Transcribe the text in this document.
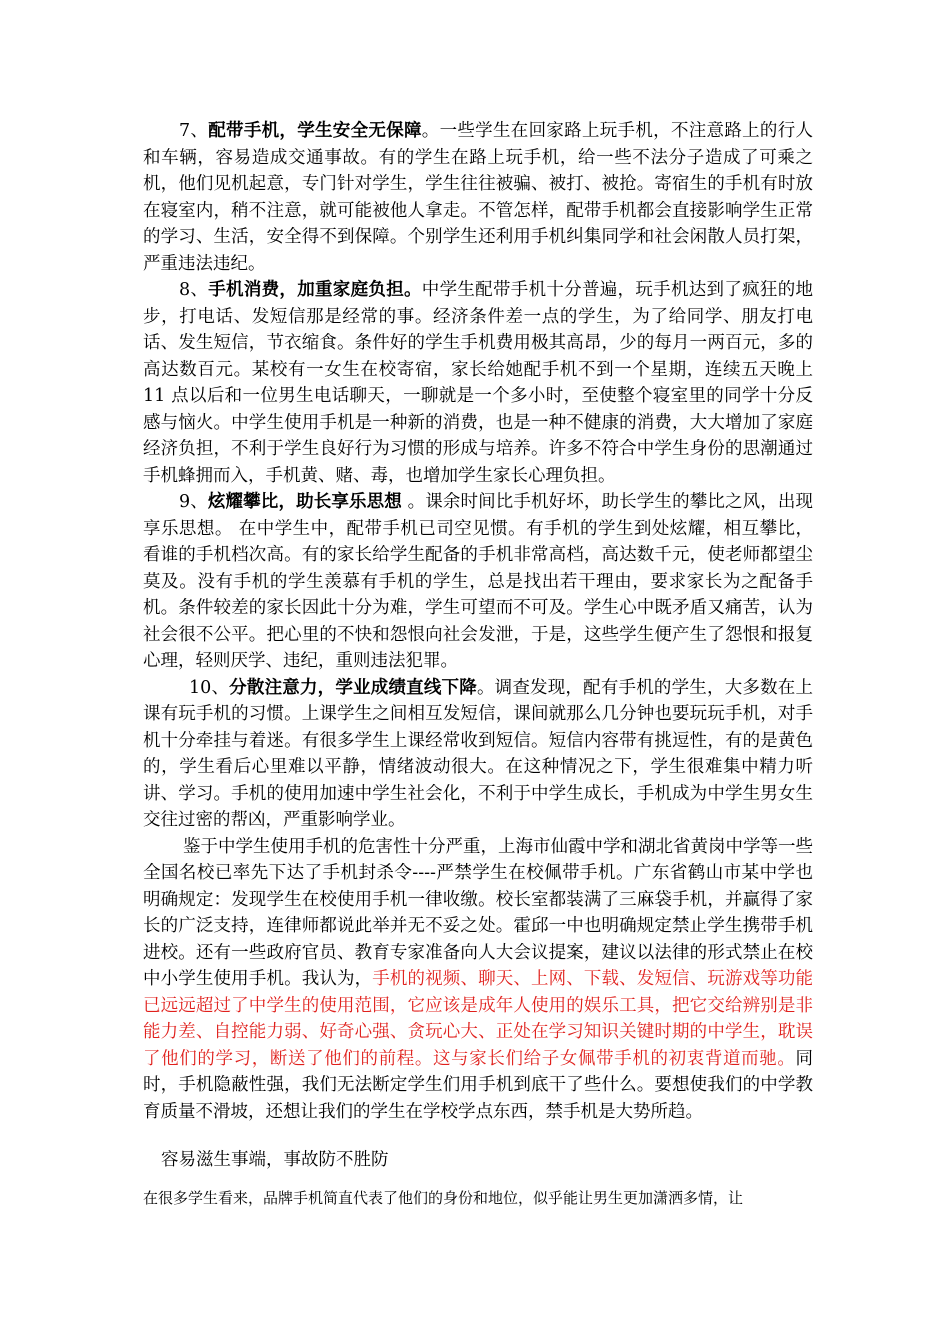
7、配带手机，学生安全无保障。一些学生在回家路上玩手机，不注意路上的行人和车辆，容易造成交通事故。有的学生在路上玩手机，给一些不法分子造成了可乘之机，他们见机起意，专门针对学生，学生往往被骗、被打、被抢。寄宿生的手机有时放在寝室内，稍不注意，就可能被他人拿走。不管怎样，配带手机都会直接影响学生正常的学习、生活，安全得不到保障。个别学生还利用手机纠集同学和社会闲散人员打架，严重违法违纪。

8、手机消费，加重家庭负担。中学生配带手机十分普遍，玩手机达到了疯狂的地步，打电话、发短信那是经常的事。经济条件差一点的学生，为了给同学、朋友打电话、发生短信，节衣缩食。条件好的学生手机费用极其高昂，少的每月一两百元，多的高达数百元。某校有一女生在校寄宿，家长给她配手机不到一个星期，连续五天晚上 11 点以后和一位男生电话聊天，一聊就是一个多小时，至使整个寝室里的同学十分反感与恼火。中学生使用手机是一种新的消费，也是一种不健康的消费，大大增加了家庭经济负担，不利于学生良好行为习惯的形成与培养。许多不符合中学生身份的思潮通过手机蜂拥而入，手机黄、赌、毒，也增加学生家长心理负担。

9、炫耀攀比，助长享乐思想 。课余时间比手机好坏，助长学生的攀比之风，出现享乐思想。 在中学生中，配带手机已司空见惯。有手机的学生到处炫耀，相互攀比，看谁的手机档次高。有的家长给学生配备的手机非常高档，高达数千元，使老师都望尘莫及。没有手机的学生羡慕有手机的学生，总是找出若干理由，要求家长为之配备手机。条件较差的家长因此十分为难，学生可望而不可及。学生心中既矛盾又痛苦，认为社会很不公平。把心里的不快和怨恨向社会发泄，于是，这些学生便产生了怨恨和报复心理，轻则厌学、违纪，重则违法犯罪。

10、分散注意力，学业成绩直线下降。调查发现，配有手机的学生，大多数在上课有玩手机的习惯。上课学生之间相互发短信，课间就那么几分钟也要玩玩手机，对手机十分牵挂与着迷。有很多学生上课经常收到短信。短信内容带有挑逗性，有的是黄色的，学生看后心里难以平静，情绪波动很大。在这种情况之下，学生很难集中精力听讲、学习。手机的使用加速中学生社会化，不利于中学生成长，手机成为中学生男女生交往过密的帮凶，严重影响学业。

鉴于中学生使用手机的危害性十分严重，上海市仙霞中学和湖北省黄岗中学等一些全国名校已率先下达了手机封杀令----严禁学生在校佩带手机。广东省鹤山市某中学也明确规定：发现学生在校使用手机一律收缴。校长室都装满了三麻袋手机，并赢得了家长的广泛支持，连律师都说此举并无不妥之处。霍邱一中也明确规定禁止学生携带手机进校。还有一些政府官员、教育专家准备向人大会议提案，建议以法律的形式禁止在校中小学生使用手机。我认为，手机的视频、聊天、上网、下载、发短信、玩游戏等功能已远远超过了中学生的使用范围，它应该是成年人使用的娱乐工具，把它交给辨别是非能力差、自控能力弱、好奇心强、贪玩心大、正处在学习知识关键时期的中学生，耽误了他们的学习，断送了他们的前程。这与家长们给子女佩带手机的初衷背道而驰。同时，手机隐蔽性强，我们无法断定学生们用手机到底干了些什么。要想使我们的中学教育质量不滑坡，还想让我们的学生在学校学点东西，禁手机是大势所趋。

容易滋生事端，事故防不胜防

在很多学生看来，品牌手机简直代表了他们的身份和地位，似乎能让男生更加潇洒多情，让
